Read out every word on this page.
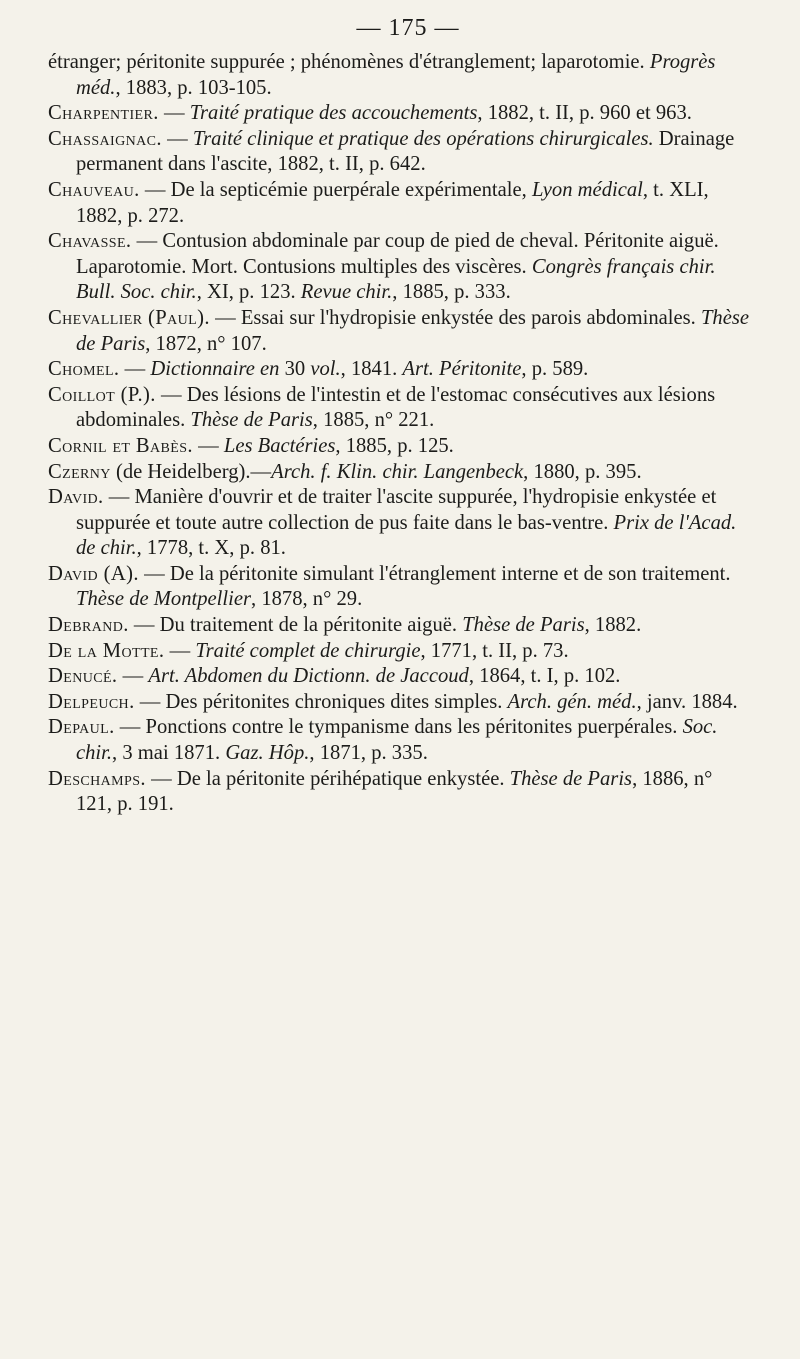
— 175 —

étranger; péritonite suppurée ; phénomènes d'étranglement; laparotomie. Progrès méd., 1883, p. 103-105.

Charpentier. — Traité pratique des accouchements, 1882, t. II, p. 960 et 963.

Chassaignac. — Traité clinique et pratique des opérations chirurgicales. Drainage permanent dans l'ascite, 1882, t. II, p. 642.

Chauveau. — De la septicémie puerpérale expérimentale, Lyon médical, t. XLI, 1882, p. 272.

Chavasse. — Contusion abdominale par coup de pied de cheval. Péritonite aiguë. Laparotomie. Mort. Contusions multiples des viscères. Congrès français chir. Bull. Soc. chir., XI, p. 123. Revue chir., 1885, p. 333.

Chevallier (Paul). — Essai sur l'hydropisie enkystée des parois abdominales. Thèse de Paris, 1872, n° 107.

Chomel. — Dictionnaire en 30 vol., 1841. Art. Péritonite, p. 589.

Coillot (P.). — Des lésions de l'intestin et de l'estomac consécutives aux lésions abdominales. Thèse de Paris, 1885, n° 221.

Cornil et Babès. — Les Bactéries, 1885, p. 125.

Czerny (de Heidelberg).—Arch. f. Klin. chir. Langenbeck, 1880, p. 395.

David. — Manière d'ouvrir et de traiter l'ascite suppurée, l'hydropisie enkystée et suppurée et toute autre collection de pus faite dans le bas-ventre. Prix de l'Acad. de chir., 1778, t. X, p. 81.

David (A). — De la péritonite simulant l'étranglement interne et de son traitement. Thèse de Montpellier, 1878, n° 29.

Debrand. — Du traitement de la péritonite aiguë. Thèse de Paris, 1882.

De la Motte. — Traité complet de chirurgie, 1771, t. II, p. 73.

Denucé. — Art. Abdomen du Dictionn. de Jaccoud, 1864, t. I, p. 102.

Delpeuch. — Des péritonites chroniques dites simples. Arch. gén. méd., janv. 1884.

Depaul. — Ponctions contre le tympanisme dans les péritonites puerpérales. Soc. chir., 3 mai 1871. Gaz. Hôp., 1871, p. 335.

Deschamps. — De la péritonite périhépatique enkystée. Thèse de Paris, 1886, n° 121, p. 191.
